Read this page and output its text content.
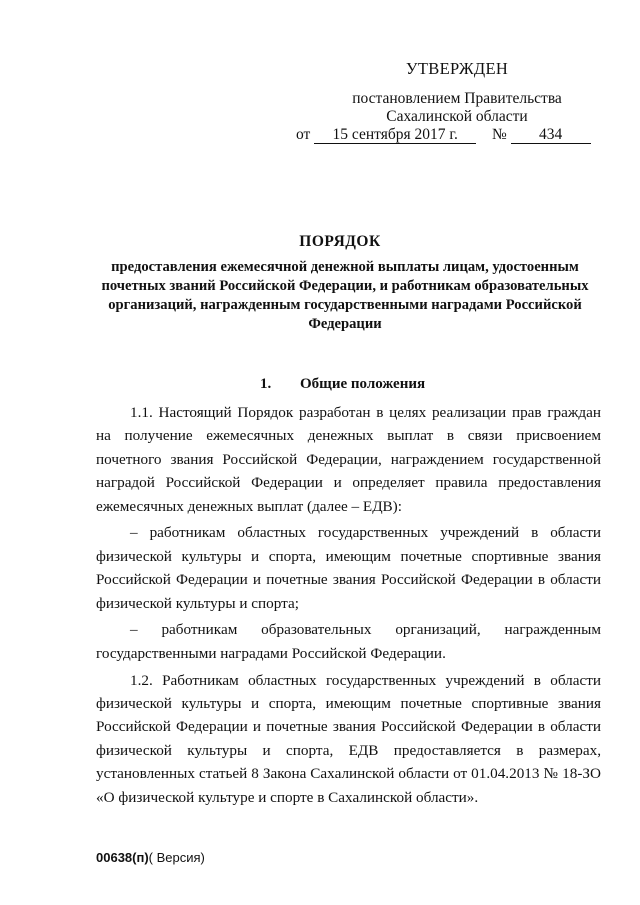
УТВЕРЖДЕН
постановлением Правительства
Сахалинской области
от 15 сентября 2017 г. № 434
ПОРЯДОК
предоставления ежемесячной денежной выплаты лицам, удостоенным почетных званий Российской Федерации, и работникам образовательных организаций, награжденным государственными наградами Российской Федерации
1. Общие положения

1.1. Настоящий Порядок разработан в целях реализации прав граждан на получение ежемесячных денежных выплат в связи присвоением почетного звания Российской Федерации, награждением государственной наградой Российской Федерации и определяет правила предоставления ежемесячных денежных выплат (далее – ЕДВ):

– работникам областных государственных учреждений в области физической культуры и спорта, имеющим почетные спортивные звания Российской Федерации и почетные звания Российской Федерации в области физической культуры и спорта;

– работникам образовательных организаций, награжденным государственными наградами Российской Федерации.

1.2. Работникам областных государственных учреждений в области физической культуры и спорта, имеющим почетные спортивные звания Российской Федерации и почетные звания Российской Федерации в области физической культуры и спорта, ЕДВ предоставляется в размерах, установленных статьей 8 Закона Сахалинской области от 01.04.2013 № 18-ЗО «О физической культуре и спорте в Сахалинской области».

00638(п)( Версия)
